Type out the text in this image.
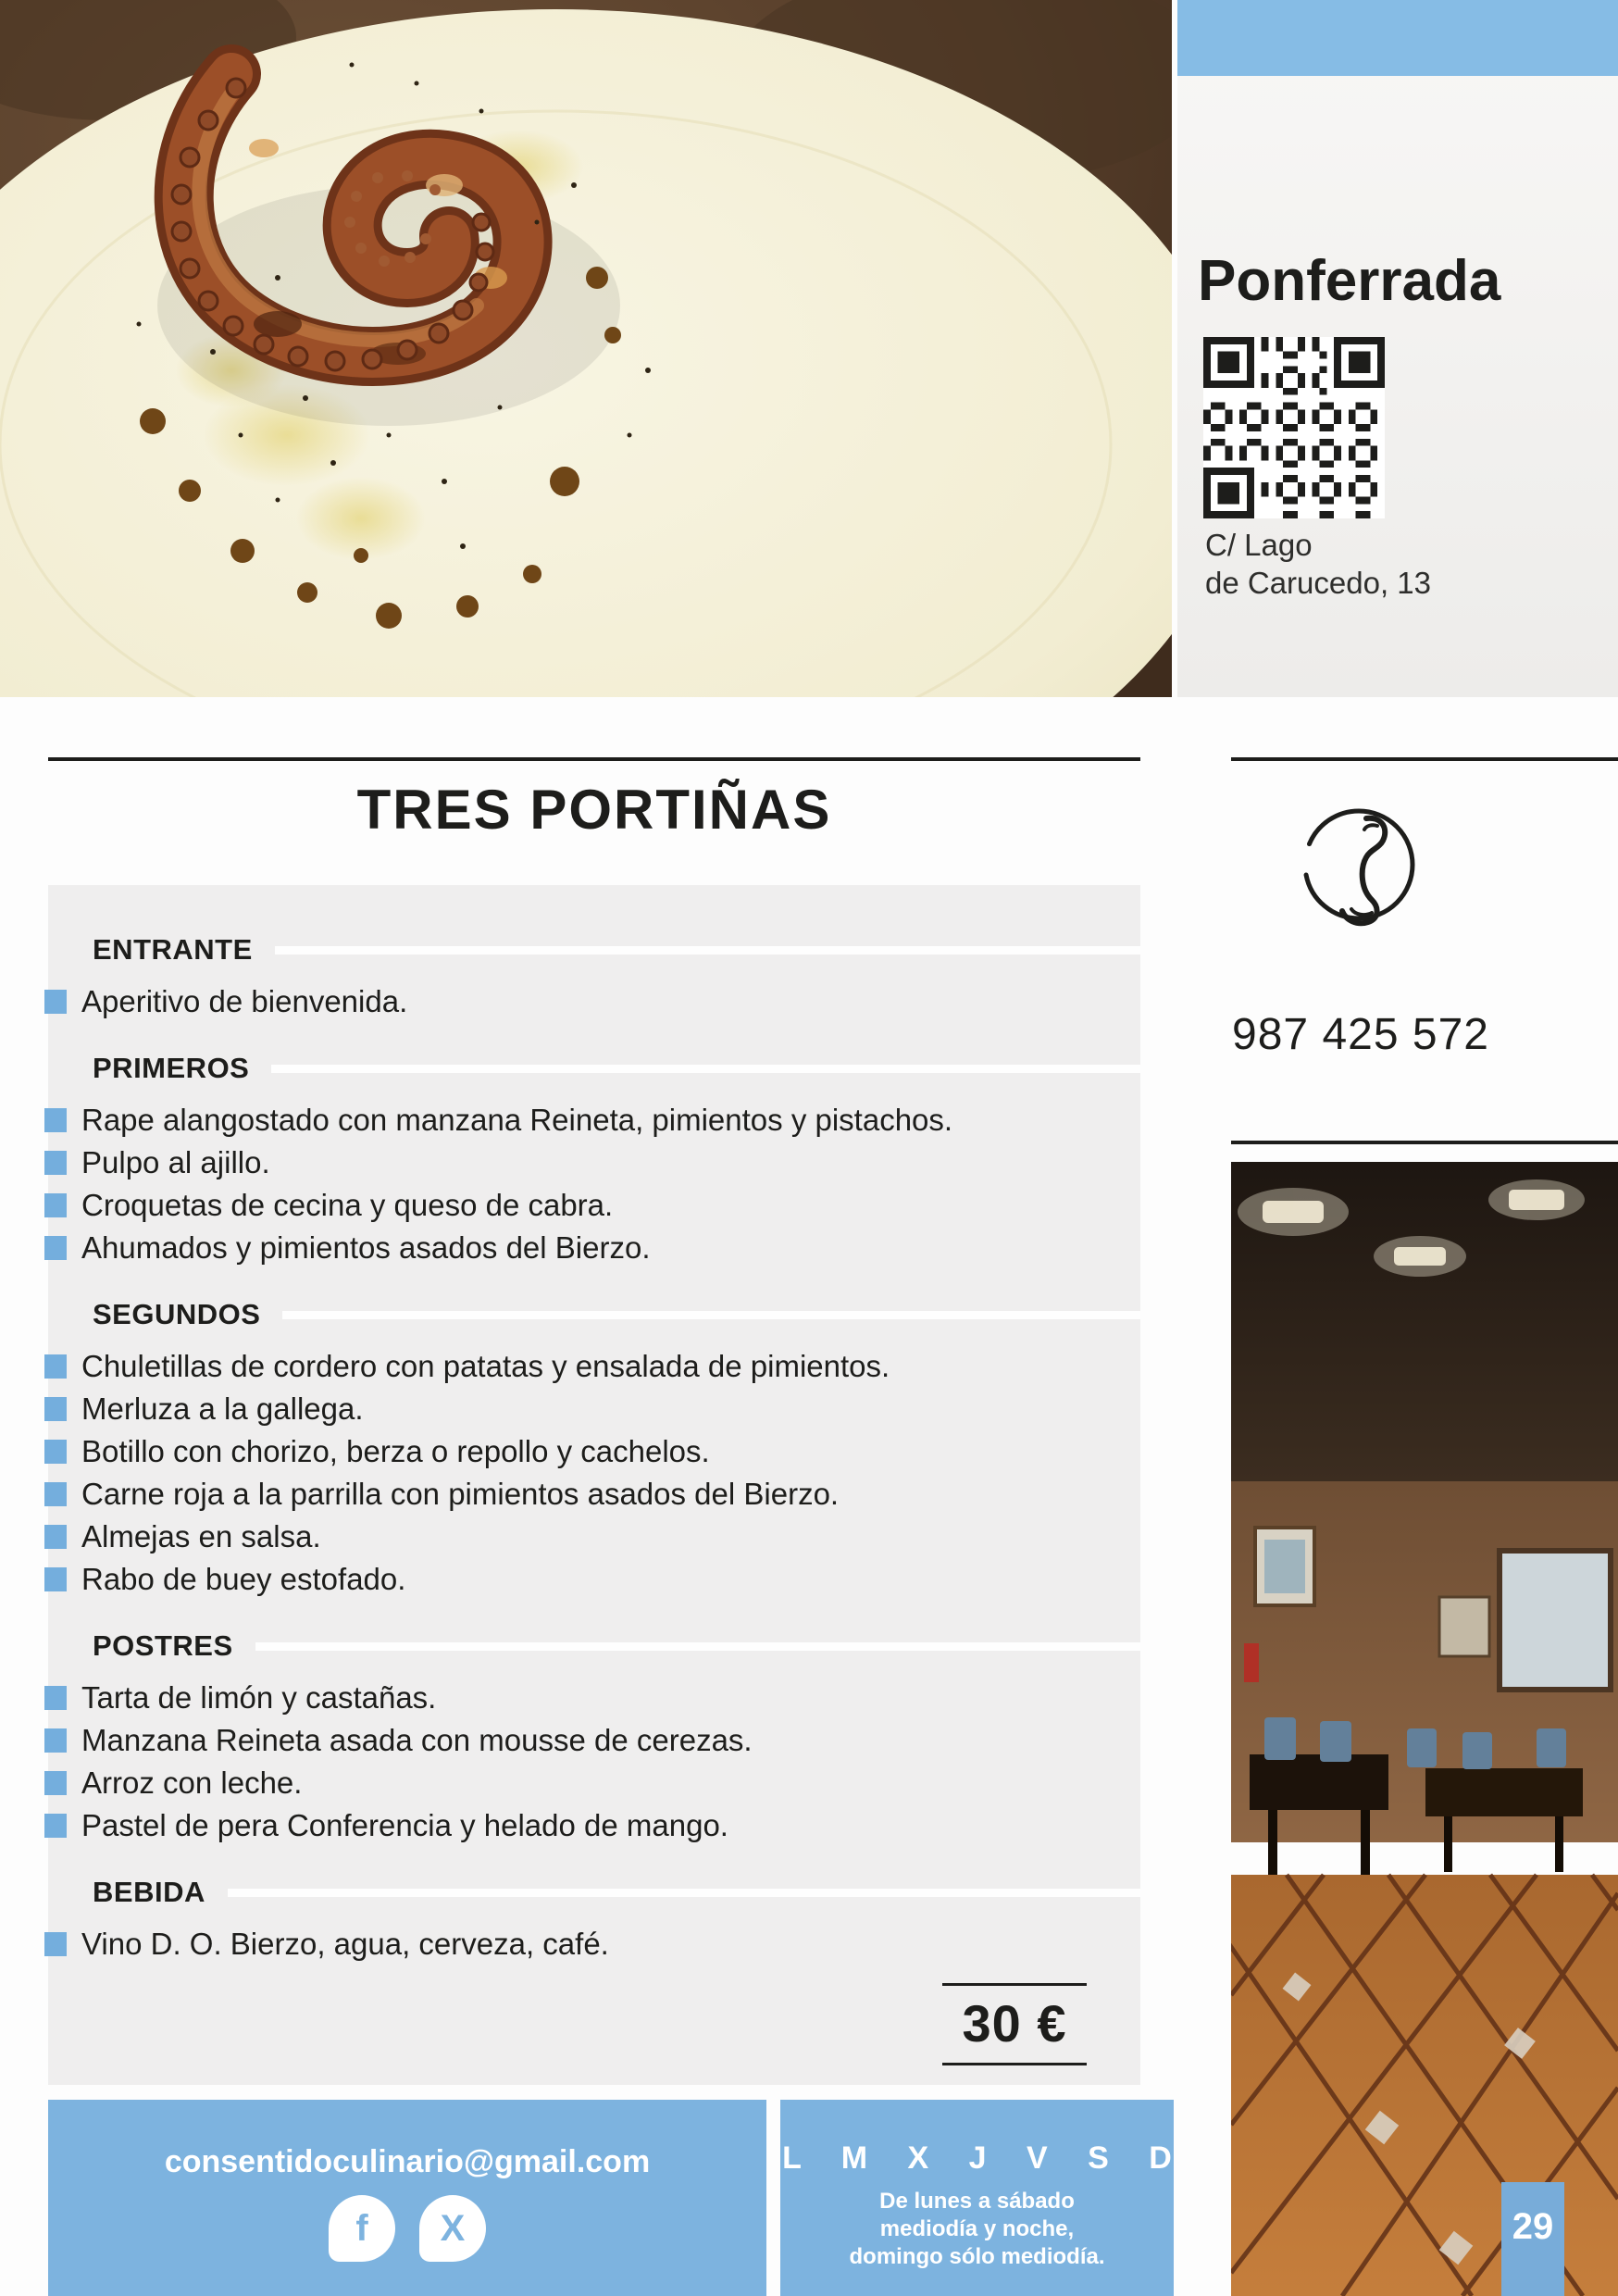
Ponferrada
C/ Lago
de Carucedo, 13
TRES PORTIÑAS
987 425 572
ENTRANTE
Aperitivo de bienvenida.
PRIMEROS
Rape alangostado con manzana Reineta, pimientos y pistachos.
Pulpo al ajillo.
Croquetas de cecina y queso de cabra.
Ahumados y pimientos asados del Bierzo.
SEGUNDOS
Chuletillas de cordero con patatas y ensalada de pimientos.
Merluza a la gallega.
Botillo con chorizo, berza o repollo y cachelos.
Carne roja a la parrilla con pimientos asados del Bierzo.
Almejas en salsa.
Rabo de buey estofado.
POSTRES
Tarta de limón y castañas.
Manzana Reineta asada con mousse de cerezas.
Arroz con leche.
Pastel de pera Conferencia y helado de mango.
BEBIDA
Vino D. O. Bierzo, agua, cerveza, café.
30 €
consentidoculinario@gmail.com
f X
L M X J V S D
De lunes a sábado
mediodía y noche,
domingo sólo mediodía.
29
